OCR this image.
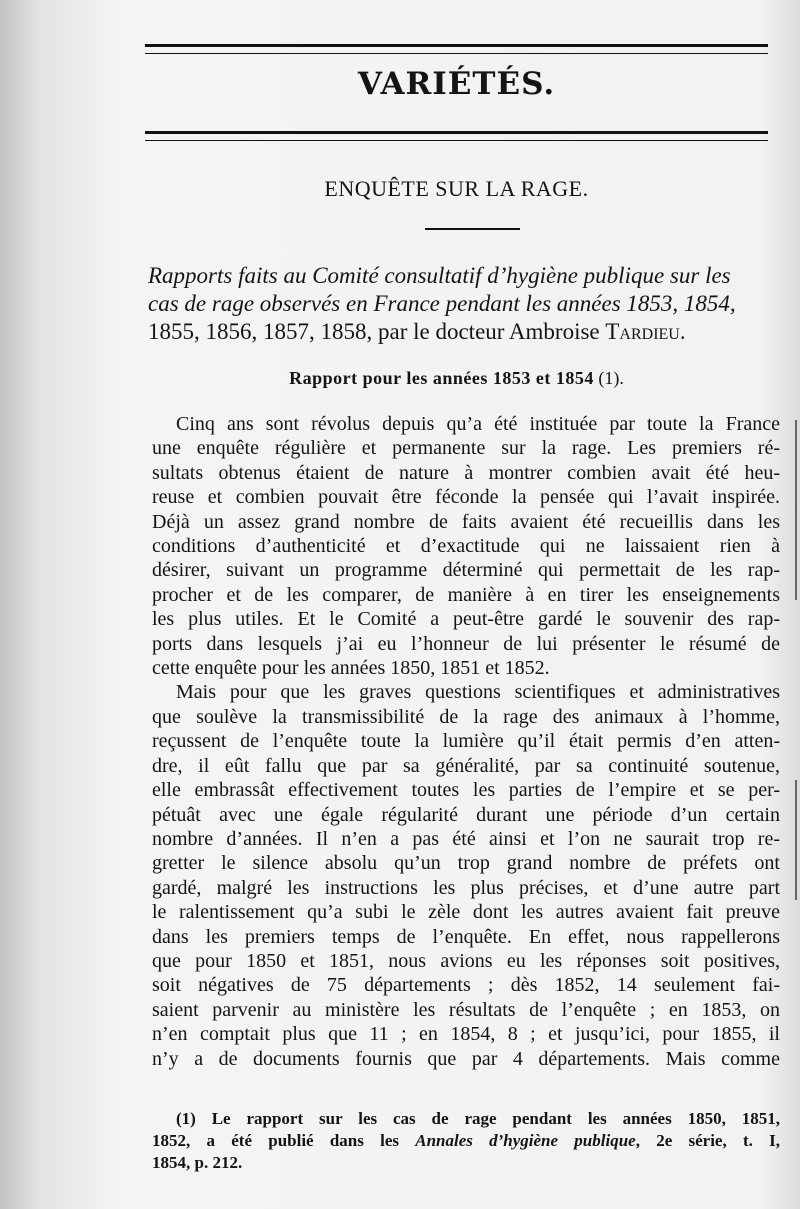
VARIÉTÉS.
ENQUÊTE SUR LA RAGE.
Rapports faits au Comité consultatif d’hygiène publique sur les
cas de rage observés en France pendant les années 1853, 1854,
1855, 1856, 1857, 1858, par le docteur Ambroise Tardieu.
Rapport pour les années 1853 et 1854 (1).
Cinq ans sont révolus depuis qu’a été instituée par toute la France
une enquête régulière et permanente sur la rage. Les premiers ré-
sultats obtenus étaient de nature à montrer combien avait été heu-
reuse et combien pouvait être féconde la pensée qui l’avait inspirée.
Déjà un assez grand nombre de faits avaient été recueillis dans les
conditions d’authenticité et d’exactitude qui ne laissaient rien à
désirer, suivant un programme déterminé qui permettait de les rap-
procher et de les comparer, de manière à en tirer les enseignements
les plus utiles. Et le Comité a peut-être gardé le souvenir des rap-
ports dans lesquels j’ai eu l’honneur de lui présenter le résumé de
cette enquête pour les années 1850, 1851 et 1852.
Mais pour que les graves questions scientifiques et administratives
que soulève la transmissibilité de la rage des animaux à l’homme,
reçussent de l’enquête toute la lumière qu’il était permis d’en atten-
dre, il eût fallu que par sa généralité, par sa continuité soutenue,
elle embrassât effectivement toutes les parties de l’empire et se per-
pétuât avec une égale régularité durant une période d’un certain
nombre d’années. Il n’en a pas été ainsi et l’on ne saurait trop re-
gretter le silence absolu qu’un trop grand nombre de préfets ont
gardé, malgré les instructions les plus précises, et d’une autre part
le ralentissement qu’a subi le zèle dont les autres avaient fait preuve
dans les premiers temps de l’enquête. En effet, nous rappellerons
que pour 1850 et 1851, nous avions eu les réponses soit positives,
soit négatives de 75 départements ; dès 1852, 14 seulement fai-
saient parvenir au ministère les résultats de l’enquête ; en 1853, on
n’en comptait plus que 11 ; en 1854, 8 ; et jusqu’ici, pour 1855, il
n’y a de documents fournis que par 4 départements. Mais comme
(1) Le rapport sur les cas de rage pendant les années 1850, 1851,
1852, a été publié dans les Annales d’hygiène publique, 2e série, t. I,
1854, p. 212.
